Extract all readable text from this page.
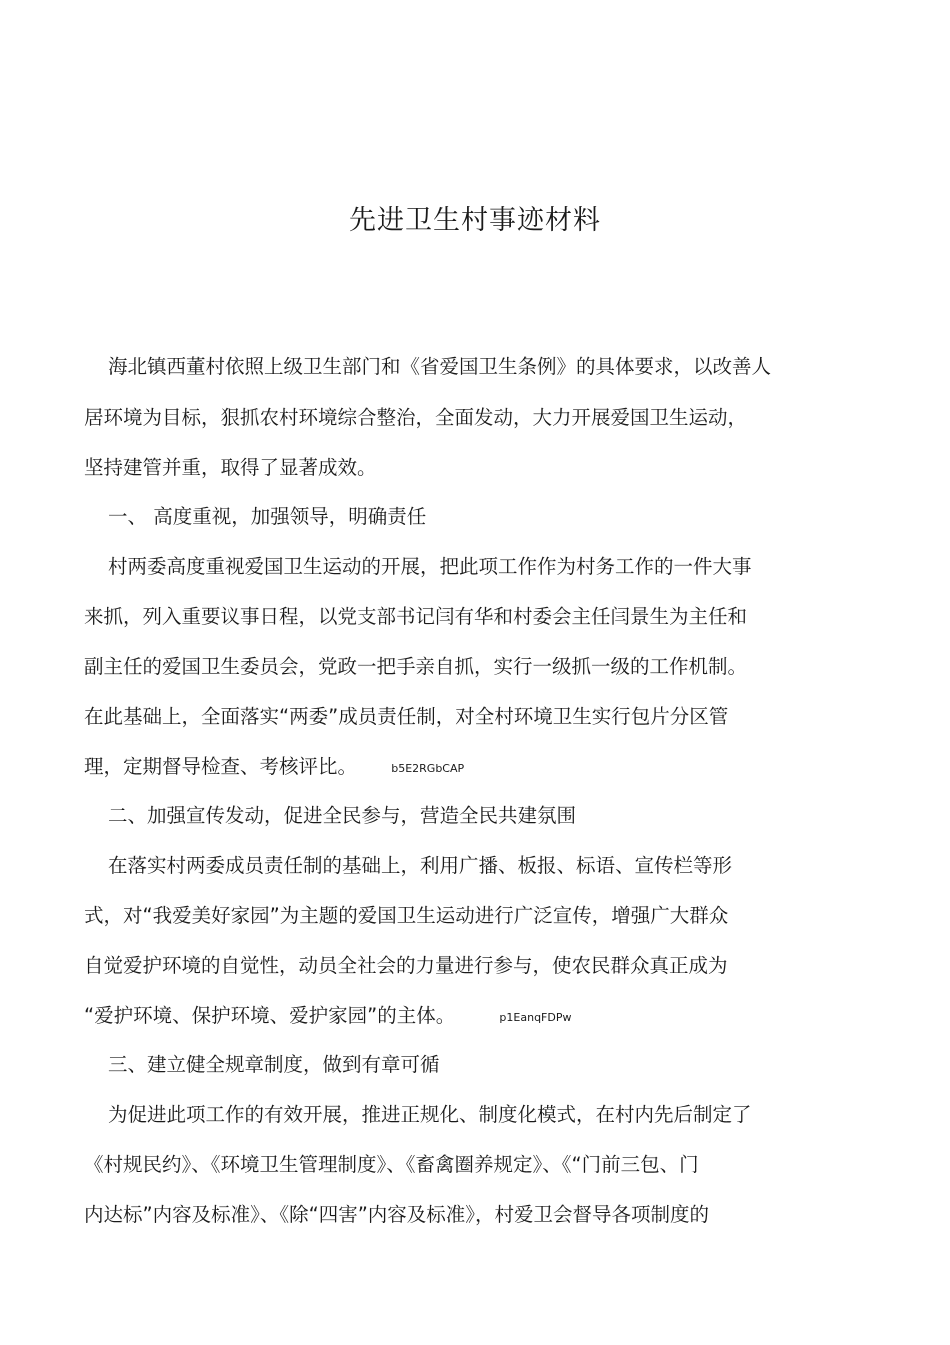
先进卫生村事迹材料
海北镇西董村依照上级卫生部门和《省爱国卫生条例》的具体要求，以改善人
居环境为目标，狠抓农村环境综合整治，全面发动，大力开展爱国卫生运动，
坚持建管并重，取得了显著成效。
一、 高度重视，加强领导，明确责任
村两委高度重视爱国卫生运动的开展，把此项工作作为村务工作的一件大事
来抓，列入重要议事日程，以党支部书记闫有华和村委会主任闫景生为主任和
副主任的爱国卫生委员会，党政一把手亲自抓，实行一级抓一级的工作机制。
在此基础上，全面落实“两委”成员责任制，对全村环境卫生实行包片分区管
理，定期督导检查、考核评比。	b5E2RGbCAP
二、加强宣传发动，促进全民参与，营造全民共建氛围
在落实村两委成员责任制的基础上，利用广播、板报、标语、宣传栏等形
式，对“我爱美好家园”为主题的爱国卫生运动进行广泛宣传，增强广大群众
自觉爱护环境的自觉性，动员全社会的力量进行参与，使农民群众真正成为
“爱护环境、保护环境、爱护家园”的主体。	p1EanqFDPw
三、建立健全规章制度，做到有章可循
为促进此项工作的有效开展，推进正规化、制度化模式，在村内先后制定了
《村规民约》、《环境卫生管理制度》、《畜禽圈养规定》、《“门前三包、门
内达标”内容及标准》、《除“四害”内容及标准》，村爱卫会督导各项制度的
